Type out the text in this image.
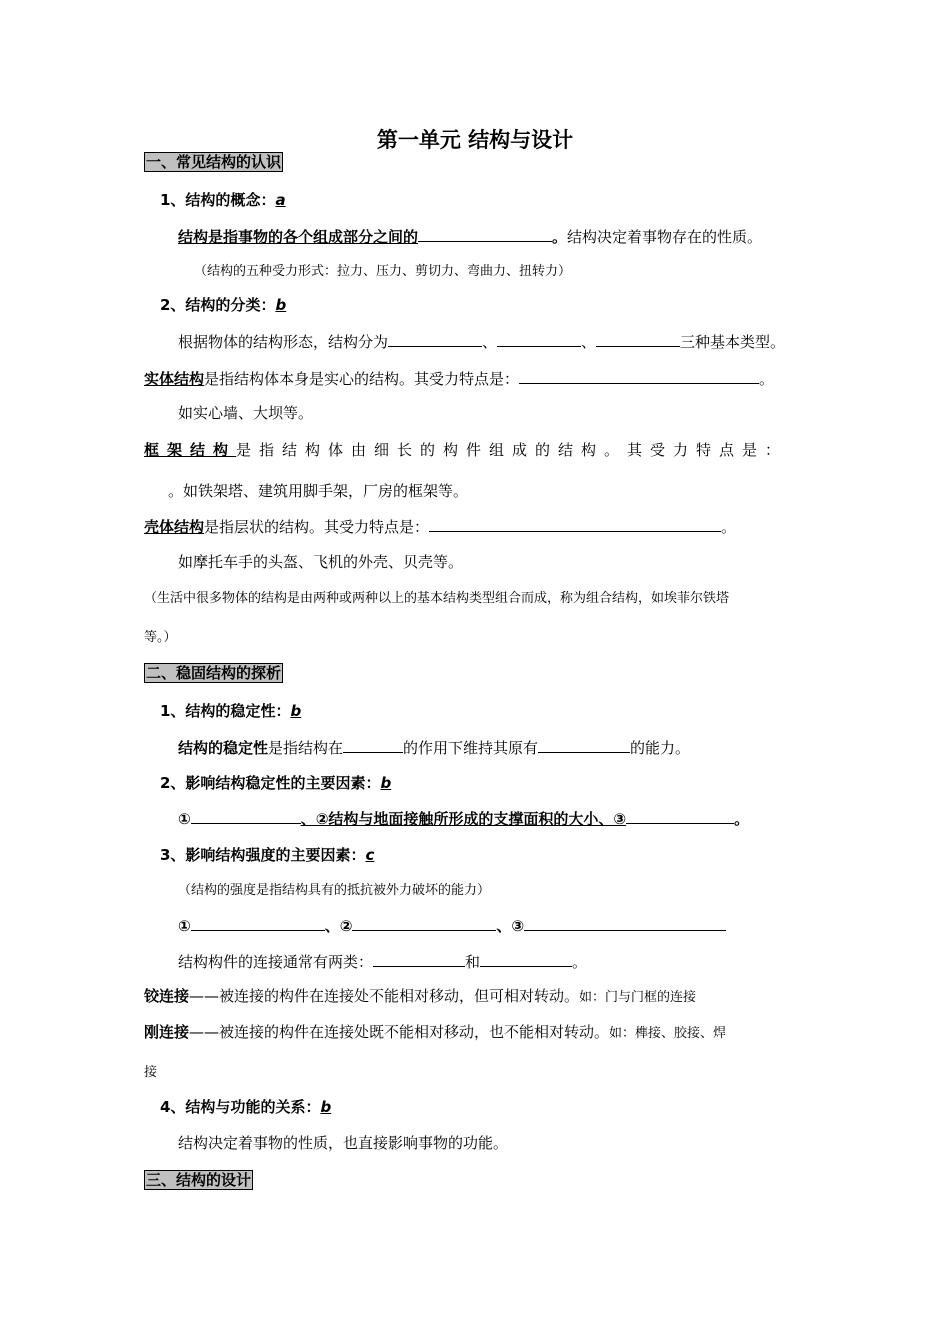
第一单元 结构与设计
一、常见结构的认识
1、结构的概念：a
结构是指事物的各个组成部分之间的	。结构决定着事物存在的性质。
（结构的五种受力形式：拉力、压力、剪切力、弯曲力、扭转力）
2、结构的分类：b
根据物体的结构形态，结构分为	、	、	三种基本类型。
实体结构是指结构体本身是实心的结构。其受力特点是：	。
如实心墙、大坝等。
框架结构是指结构体由细长的构件组成的结构。其受力特点是：
。如铁架塔、建筑用脚手架，厂房的框架等。
壳体结构是指层状的结构。其受力特点是：	。
如摩托车手的头盔、飞机的外壳、贝壳等。
（生活中很多物体的结构是由两种或两种以上的基本结构类型组合而成，称为组合结构，如埃菲尔铁塔
等。）
二、稳固结构的探析
1、结构的稳定性：b
结构的稳定性是指结构在	的作用下维持其原有	的能力。
2、影响结构稳定性的主要因素：b
①	、②结构与地面接触所形成的支撑面积的大小、③	。
3、影响结构强度的主要因素：c
（结构的强度是指结构具有的抵抗被外力破坏的能力）
①	、②	、③
结构构件的连接通常有两类：	和	。
铰连接——被连接的构件在连接处不能相对移动，但可相对转动。如：门与门框的连接
刚连接——被连接的构件在连接处既不能相对移动，也不能相对转动。如：榫接、胶接、焊
接
4、结构与功能的关系：b
结构决定着事物的性质，也直接影响事物的功能。
三、结构的设计
